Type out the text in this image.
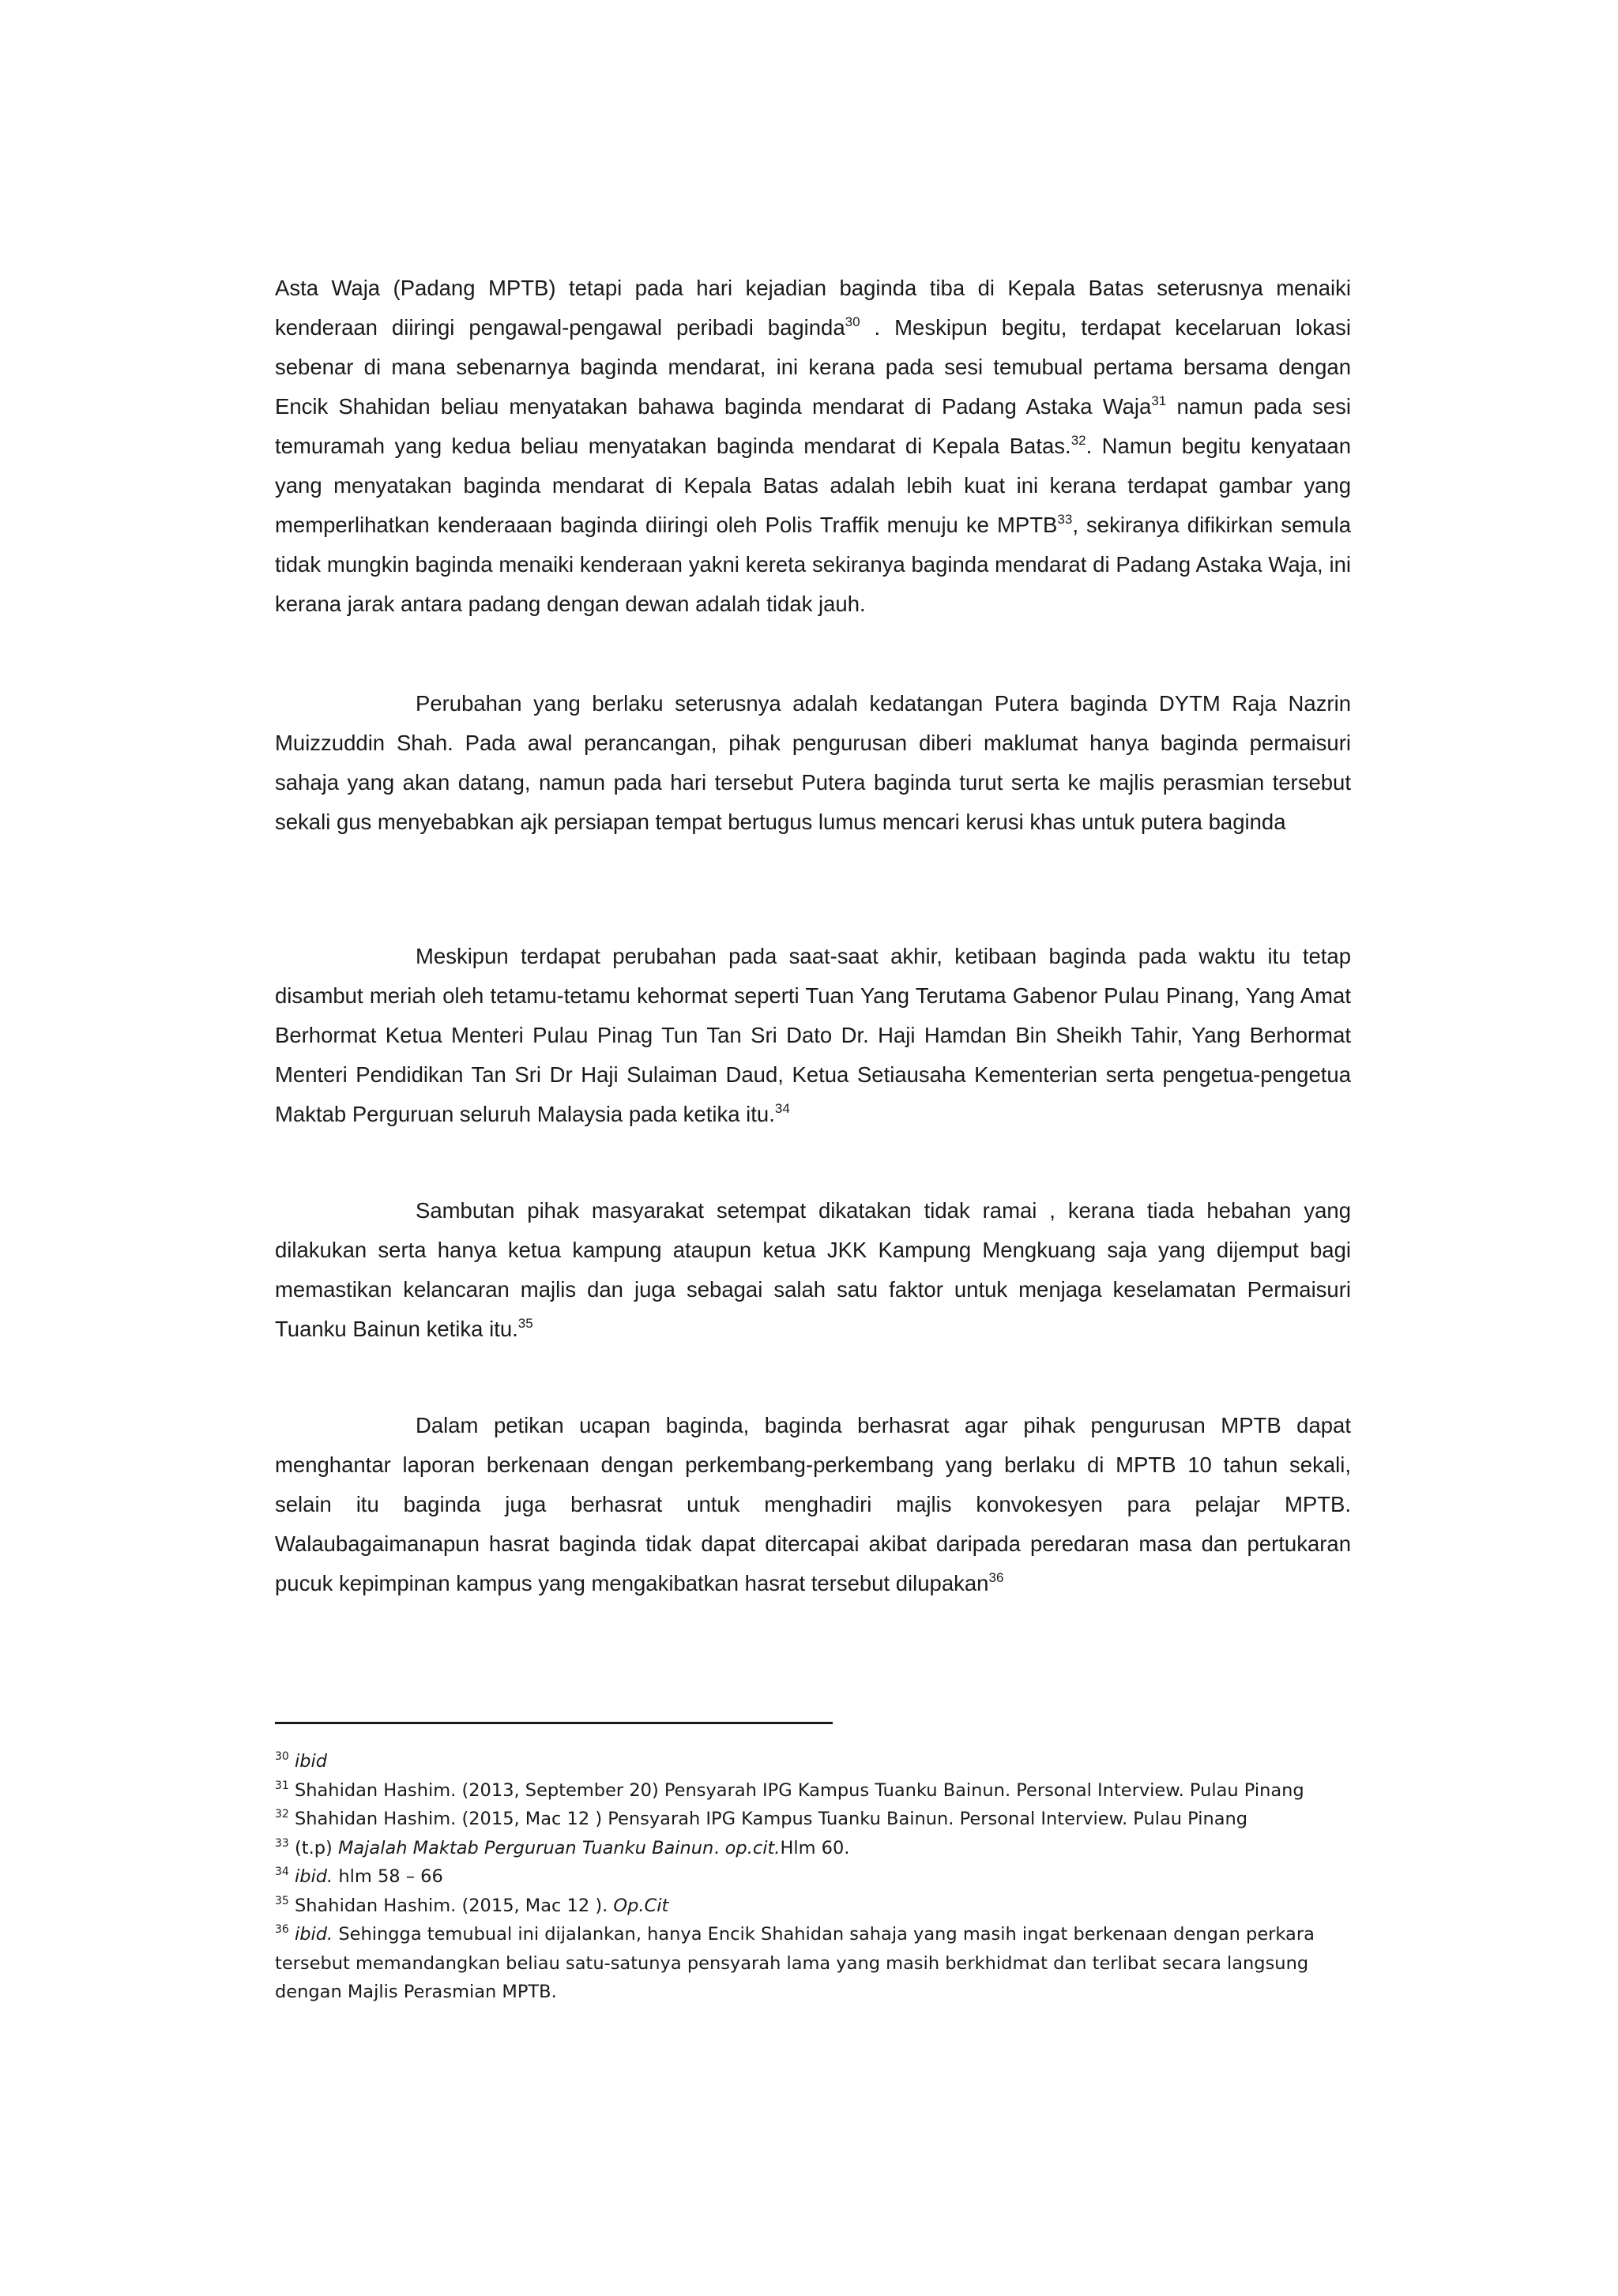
Asta Waja (Padang MPTB) tetapi pada hari kejadian baginda tiba di Kepala Batas seterusnya menaiki kenderaan diiringi pengawal-pengawal peribadi baginda$^{30}$ . Meskipun begitu, terdapat kecelaruan lokasi sebenar di mana sebenarnya baginda mendarat, ini kerana pada sesi temubual pertama bersama dengan Encik Shahidan beliau menyatakan bahawa baginda mendarat di Padang Astaka Waja$^{31}$ namun pada sesi temuramah yang kedua beliau menyatakan baginda mendarat di Kepala Batas.$^{32}$. Namun begitu kenyataan yang menyatakan baginda mendarat di Kepala Batas adalah lebih kuat ini kerana terdapat gambar yang memperlihatkan kenderaaan baginda diiringi oleh Polis Traffik menuju ke MPTB$^{33}$, sekiranya difikirkan semula tidak mungkin baginda menaiki kenderaan yakni kereta sekiranya baginda mendarat di Padang Astaka Waja, ini kerana jarak antara padang dengan dewan adalah tidak jauh.

Perubahan yang berlaku seterusnya adalah kedatangan Putera baginda DYTM Raja Nazrin Muizzuddin Shah. Pada awal perancangan, pihak pengurusan diberi maklumat hanya baginda permaisuri sahaja yang akan datang, namun pada hari tersebut Putera baginda turut serta ke majlis perasmian tersebut sekali gus menyebabkan ajk persiapan tempat bertugus lumus mencari kerusi khas untuk putera baginda

Meskipun terdapat perubahan pada saat-saat akhir, ketibaan baginda pada waktu itu tetap disambut meriah oleh tetamu-tetamu kehormat seperti Tuan Yang Terutama Gabenor Pulau Pinang, Yang Amat Berhormat Ketua Menteri Pulau Pinag Tun Tan Sri Dato Dr. Haji Hamdan Bin Sheikh Tahir, Yang Berhormat Menteri Pendidikan Tan Sri Dr Haji Sulaiman Daud, Ketua Setiausaha Kementerian serta pengetua-pengetua Maktab Perguruan seluruh Malaysia pada ketika itu.$^{34}$

Sambutan pihak masyarakat setempat dikatakan tidak ramai , kerana tiada hebahan yang dilakukan serta hanya ketua kampung ataupun ketua JKK Kampung Mengkuang saja yang dijemput bagi memastikan kelancaran majlis dan juga sebagai salah satu faktor untuk menjaga keselamatan Permaisuri Tuanku Bainun ketika itu.$^{35}$

Dalam petikan ucapan baginda, baginda berhasrat agar pihak pengurusan MPTB dapat menghantar laporan berkenaan dengan perkembang-perkembang yang berlaku di MPTB 10 tahun sekali, selain itu baginda juga berhasrat untuk menghadiri majlis konvokesyen para pelajar MPTB. Walaubagaimanapun hasrat baginda tidak dapat ditercapai akibat daripada peredaran masa dan pertukaran pucuk kepimpinan kampus yang mengakibatkan hasrat tersebut dilupakan$^{36}$

$^{30}$ ibid

$^{31}$ Shahidan Hashim. (2013, September 20) Pensyarah IPG Kampus Tuanku Bainun. Personal Interview. Pulau Pinang

$^{32}$ Shahidan Hashim. (2015, Mac 12 ) Pensyarah IPG Kampus Tuanku Bainun. Personal Interview. Pulau Pinang

$^{33}$ (t.p) Majalah Maktab Perguruan Tuanku Bainun. op.cit.Hlm 60.

$^{34}$ ibid. hlm 58 – 66

$^{35}$ Shahidan Hashim. (2015, Mac 12 ). Op.Cit

$^{36}$ ibid. Sehingga temubual ini dijalankan, hanya Encik Shahidan sahaja yang masih ingat berkenaan dengan perkara tersebut memandangkan beliau satu-satunya pensyarah lama yang masih berkhidmat dan terlibat secara langsung dengan Majlis Perasmian MPTB.
